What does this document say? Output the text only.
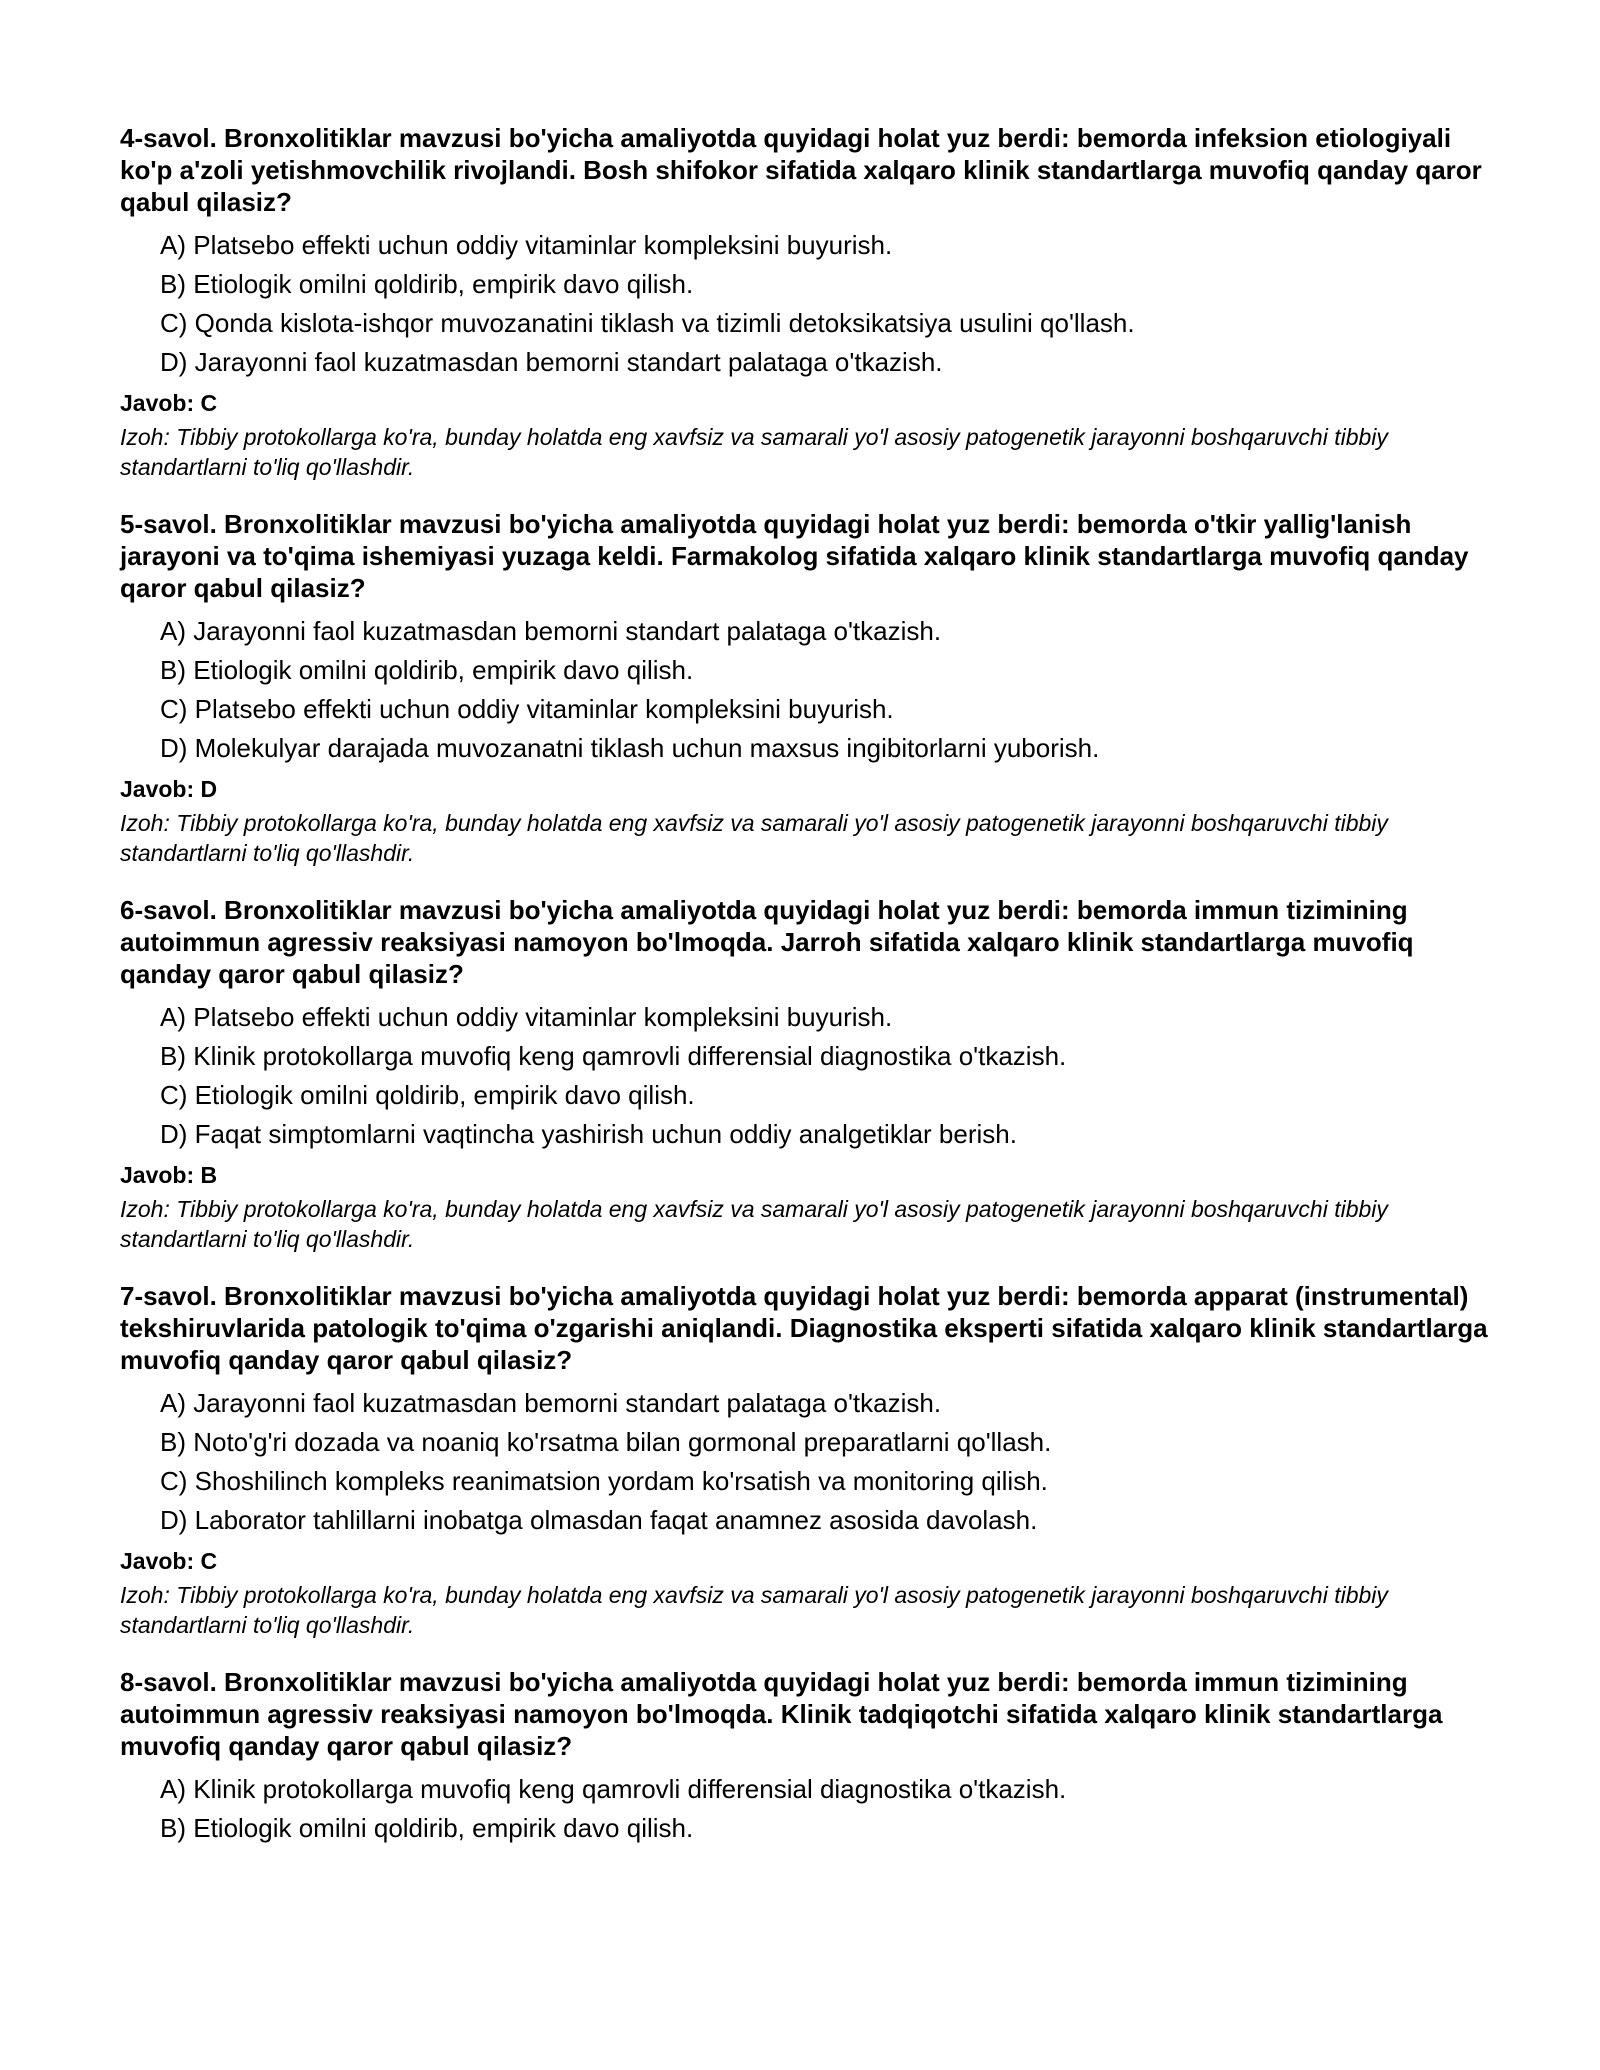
4-savol. Bronxolitiklar mavzusi bo'yicha amaliyotda quyidagi holat yuz berdi: bemorda infeksion etiologiyali ko'p a'zoli yetishmovchilik rivojlandi. Bosh shifokor sifatida xalqaro klinik standartlarga muvofiq qanday qaror qabul qilasiz?

A) Platsebo effekti uchun oddiy vitaminlar kompleksini buyurish.
B) Etiologik omilni qoldirib, empirik davo qilish.
C) Qonda kislota-ishqor muvozanatini tiklash va tizimli detoksikatsiya usulini qo'llash.
D) Jarayonni faol kuzatmasdan bemorni standart palataga o'tkazish.

Javob: C

Izoh: Tibbiy protokollarga ko'ra, bunday holatda eng xavfsiz va samarali yo'l asosiy patogenetik jarayonni boshqaruvchi tibbiy standartlarni to'liq qo'llashdir.

5-savol. Bronxolitiklar mavzusi bo'yicha amaliyotda quyidagi holat yuz berdi: bemorda o'tkir yallig'lanish jarayoni va to'qima ishemiyasi yuzaga keldi. Farmakolog sifatida xalqaro klinik standartlarga muvofiq qanday qaror qabul qilasiz?

A) Jarayonni faol kuzatmasdan bemorni standart palataga o'tkazish.
B) Etiologik omilni qoldirib, empirik davo qilish.
C) Platsebo effekti uchun oddiy vitaminlar kompleksini buyurish.
D) Molekulyar darajada muvozanatni tiklash uchun maxsus ingibitorlarni yuborish.

Javob: D

Izoh: Tibbiy protokollarga ko'ra, bunday holatda eng xavfsiz va samarali yo'l asosiy patogenetik jarayonni boshqaruvchi tibbiy standartlarni to'liq qo'llashdir.

6-savol. Bronxolitiklar mavzusi bo'yicha amaliyotda quyidagi holat yuz berdi: bemorda immun tizimining autoimmun agressiv reaksiyasi namoyon bo'lmoqda. Jarroh sifatida xalqaro klinik standartlarga muvofiq qanday qaror qabul qilasiz?

A) Platsebo effekti uchun oddiy vitaminlar kompleksini buyurish.
B) Klinik protokollarga muvofiq keng qamrovli differensial diagnostika o'tkazish.
C) Etiologik omilni qoldirib, empirik davo qilish.
D) Faqat simptomlarni vaqtincha yashirish uchun oddiy analgetiklar berish.

Javob: B

Izoh: Tibbiy protokollarga ko'ra, bunday holatda eng xavfsiz va samarali yo'l asosiy patogenetik jarayonni boshqaruvchi tibbiy standartlarni to'liq qo'llashdir.

7-savol. Bronxolitiklar mavzusi bo'yicha amaliyotda quyidagi holat yuz berdi: bemorda apparat (instrumental) tekshiruvlarida patologik to'qima o'zgarishi aniqlandi. Diagnostika eksperti sifatida xalqaro klinik standartlarga muvofiq qanday qaror qabul qilasiz?

A) Jarayonni faol kuzatmasdan bemorni standart palataga o'tkazish.
B) Noto'g'ri dozada va noaniq ko'rsatma bilan gormonal preparatlarni qo'llash.
C) Shoshilinch kompleks reanimatsion yordam ko'rsatish va monitoring qilish.
D) Laborator tahlillarni inobatga olmasdan faqat anamnez asosida davolash.

Javob: C

Izoh: Tibbiy protokollarga ko'ra, bunday holatda eng xavfsiz va samarali yo'l asosiy patogenetik jarayonni boshqaruvchi tibbiy standartlarni to'liq qo'llashdir.

8-savol. Bronxolitiklar mavzusi bo'yicha amaliyotda quyidagi holat yuz berdi: bemorda immun tizimining autoimmun agressiv reaksiyasi namoyon bo'lmoqda. Klinik tadqiqotchi sifatida xalqaro klinik standartlarga muvofiq qanday qaror qabul qilasiz?

A) Klinik protokollarga muvofiq keng qamrovli differensial diagnostika o'tkazish.
B) Etiologik omilni qoldirib, empirik davo qilish.
